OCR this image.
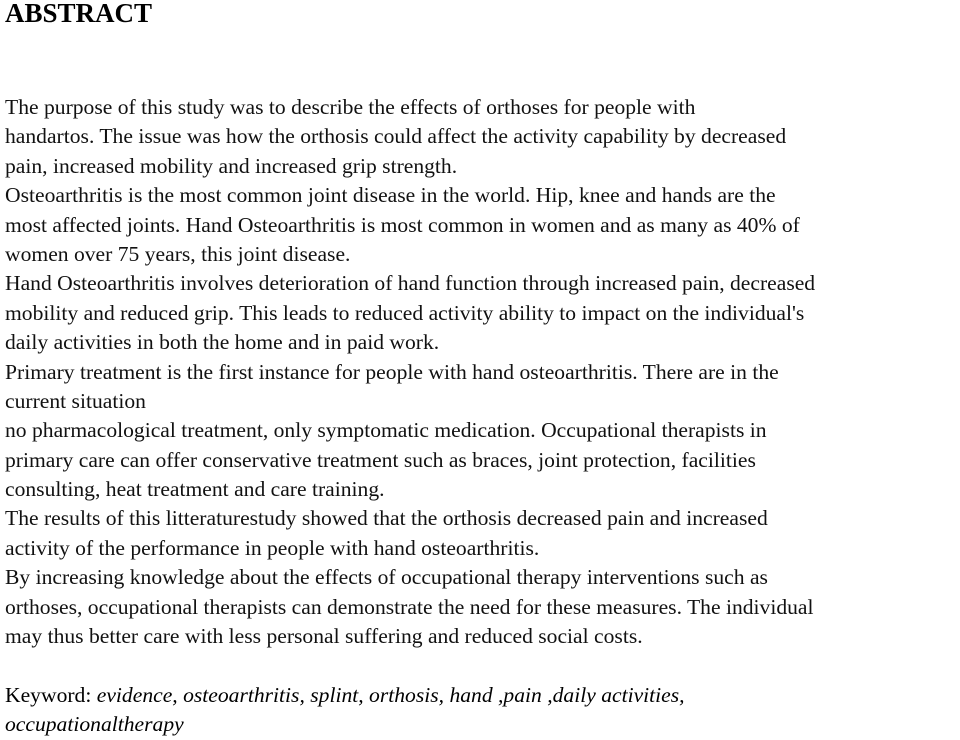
ABSTRACT
The purpose of this study was to describe the effects of orthoses for people with
handartos. The issue was how the orthosis could affect the activity capability by decreased
pain, increased mobility and increased grip strength.
Osteoarthritis is the most common joint disease in the world. Hip, knee and hands are the
most affected joints. Hand Osteoarthritis is most common in women and as many as 40% of
women over 75 years, this joint disease.
Hand Osteoarthritis involves deterioration of hand function through increased pain, decreased
mobility and reduced grip. This leads to reduced activity ability to impact on the individual's
daily activities in both the home and in paid work.
Primary treatment is the first instance for people with hand osteoarthritis. There are in the
current situation
no pharmacological treatment, only symptomatic medication. Occupational therapists in
primary care can offer conservative treatment such as braces, joint protection, facilities
consulting, heat treatment and care training.
The results of this litteraturestudy showed that the orthosis decreased pain and increased
activity of the performance in people with hand osteoarthritis.
By increasing knowledge about the effects of occupational therapy interventions such as
orthoses, occupational therapists can demonstrate the need for these measures. The individual
may thus better care with less personal suffering and reduced social costs.
Keyword: evidence, osteoarthritis, splint, orthosis, hand ,pain ,daily activities,
occupationaltherapy
